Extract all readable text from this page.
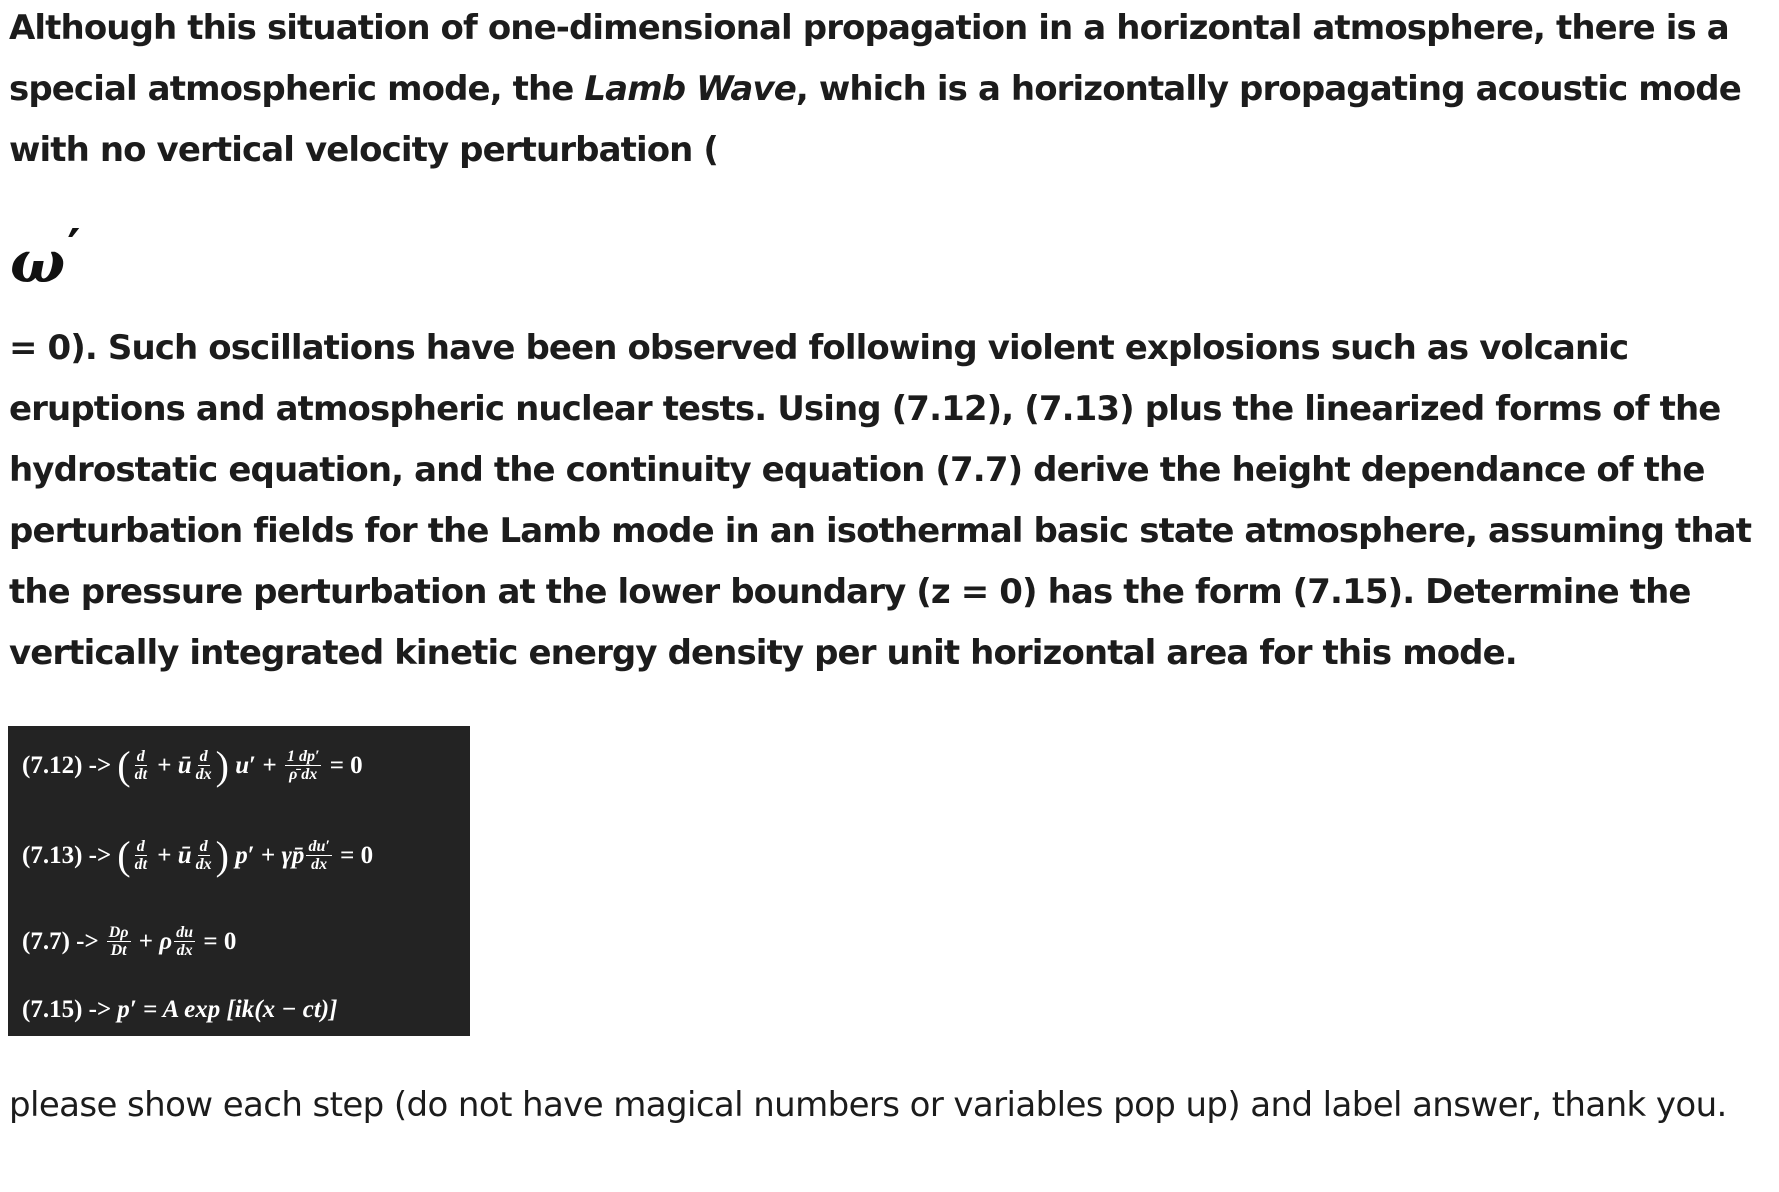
Although this situation of one-dimensional propagation in a horizontal atmosphere, there is a special atmospheric mode, the Lamb Wave, which is a horizontally propagating acoustic mode with no vertical velocity perturbation (
ω′
= 0). Such oscillations have been observed following violent explosions such as volcanic eruptions and atmospheric nuclear tests. Using (7.12), (7.13) plus the linearized forms of the hydrostatic equation, and the continuity equation (7.7) derive the height dependance of the perturbation fields for the Lamb mode in an isothermal basic state atmosphere, assuming that the pressure perturbation at the lower boundary (z = 0) has the form (7.15). Determine the vertically integrated kinetic energy density per unit horizontal area for this mode.
(7.12) -> ( $\frac{d}{dt}$ + ū $\frac{d}{dx}$ ) $u' + \frac{1 dp'}{\rhō dx} = 0$
(7.13) -> ( $\frac{d}{dt}$ + ū $\frac{d}{dx}$ ) p′ + γp̄ $\frac{du'}{dx} = 0$
$(7.7) -> \frac{D\rho}{Dt} + \rho \frac{du}{dx} = 0$
(7.15) -> p′ = A exp [ik(x − ct)]
please show each step (do not have magical numbers or variables pop up) and label answer, thank you.
